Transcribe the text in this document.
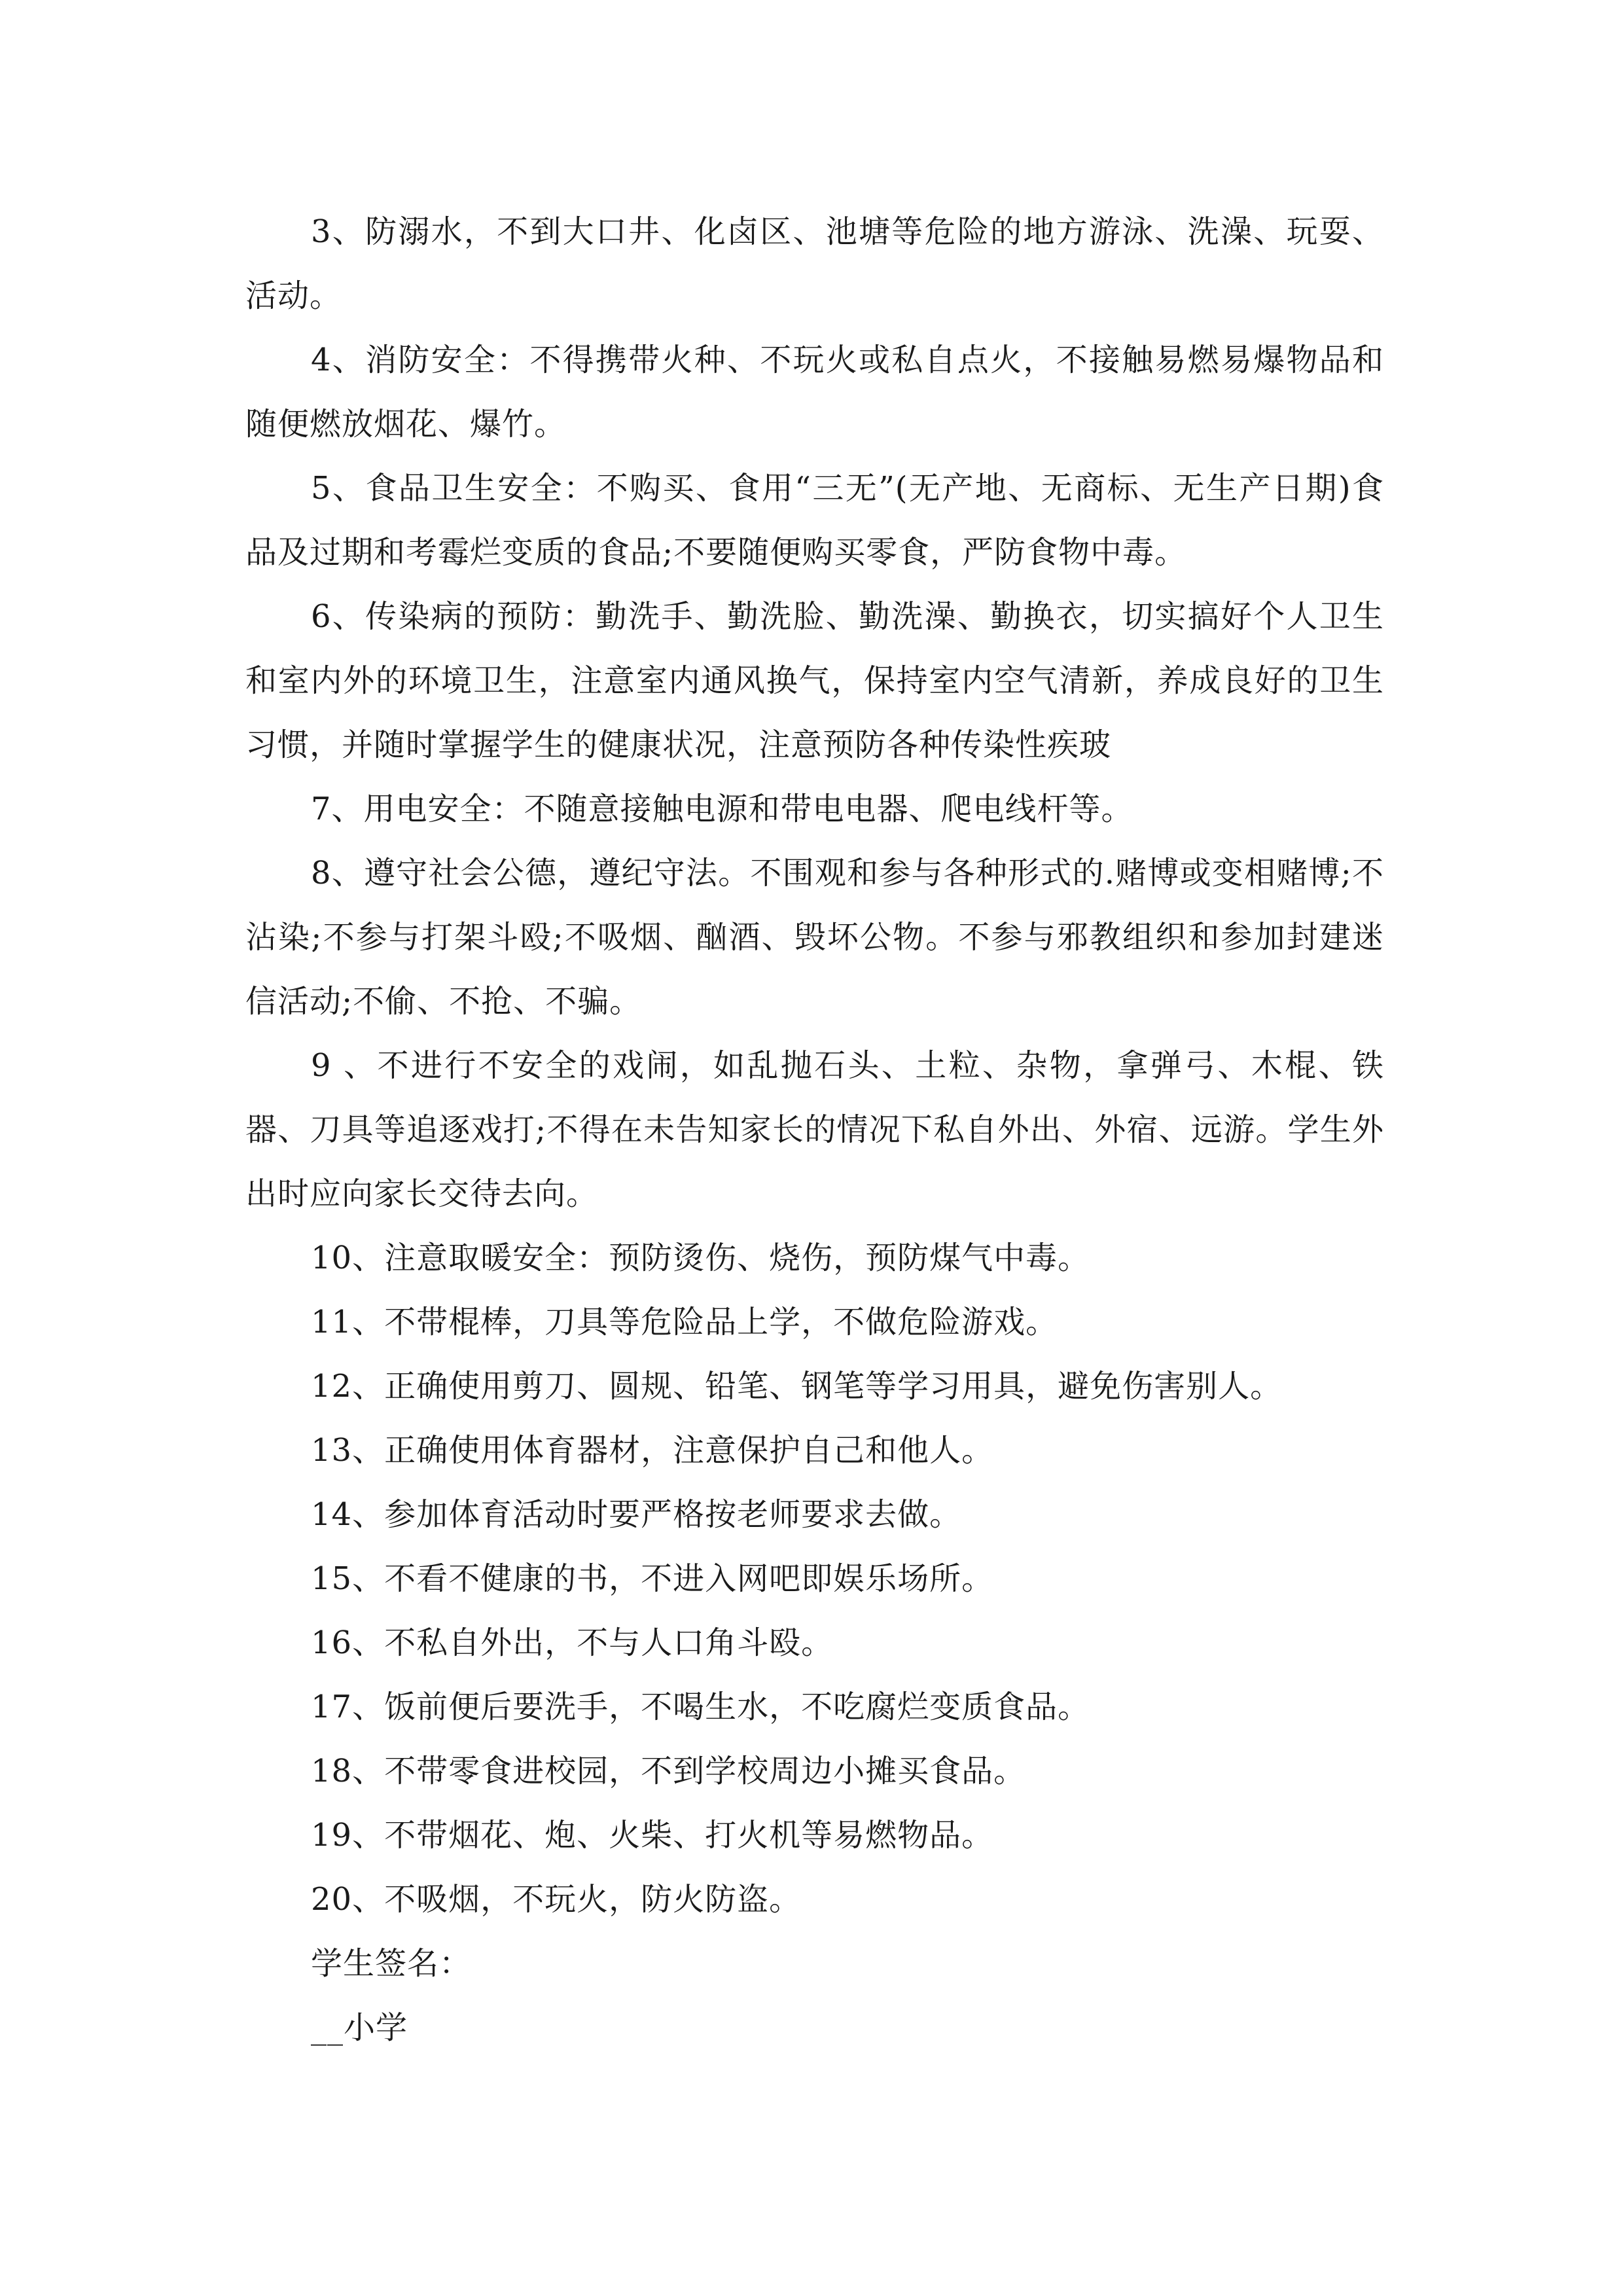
3、防溺水，不到大口井、化卤区、池塘等危险的地方游泳、洗澡、玩耍、活动。

4、消防安全：不得携带火种、不玩火或私自点火，不接触易燃易爆物品和随便燃放烟花、爆竹。

5、食品卫生安全：不购买、食用“三无”(无产地、无商标、无生产日期)食品及过期和考霉烂变质的食品;不要随便购买零食，严防食物中毒。

6、传染病的预防：勤洗手、勤洗脸、勤洗澡、勤换衣，切实搞好个人卫生和室内外的环境卫生，注意室内通风换气，保持室内空气清新，养成良好的卫生习惯，并随时掌握学生的健康状况，注意预防各种传染性疾玻

7、用电安全：不随意接触电源和带电电器、爬电线杆等。

8、遵守社会公德，遵纪守法。不围观和参与各种形式的.赌博或变相赌博;不沾染;不参与打架斗殴;不吸烟、酗酒、毁坏公物。不参与邪教组织和参加封建迷信活动;不偷、不抢、不骗。

9 、不进行不安全的戏闹，如乱抛石头、土粒、杂物，拿弹弓、木棍、铁器、刀具等追逐戏打;不得在未告知家长的情况下私自外出、外宿、远游。学生外出时应向家长交待去向。

10、注意取暖安全：预防烫伤、烧伤，预防煤气中毒。

11、不带棍棒，刀具等危险品上学，不做危险游戏。

12、正确使用剪刀、圆规、铅笔、钢笔等学习用具，避免伤害别人。

13、正确使用体育器材，注意保护自己和他人。

14、参加体育活动时要严格按老师要求去做。

15、不看不健康的书，不进入网吧即娱乐场所。

16、不私自外出，不与人口角斗殴。

17、饭前便后要洗手，不喝生水，不吃腐烂变质食品。

18、不带零食进校园，不到学校周边小摊买食品。

19、不带烟花、炮、火柴、打火机等易燃物品。

20、不吸烟，不玩火，防火防盗。

学生签名：

__小学
